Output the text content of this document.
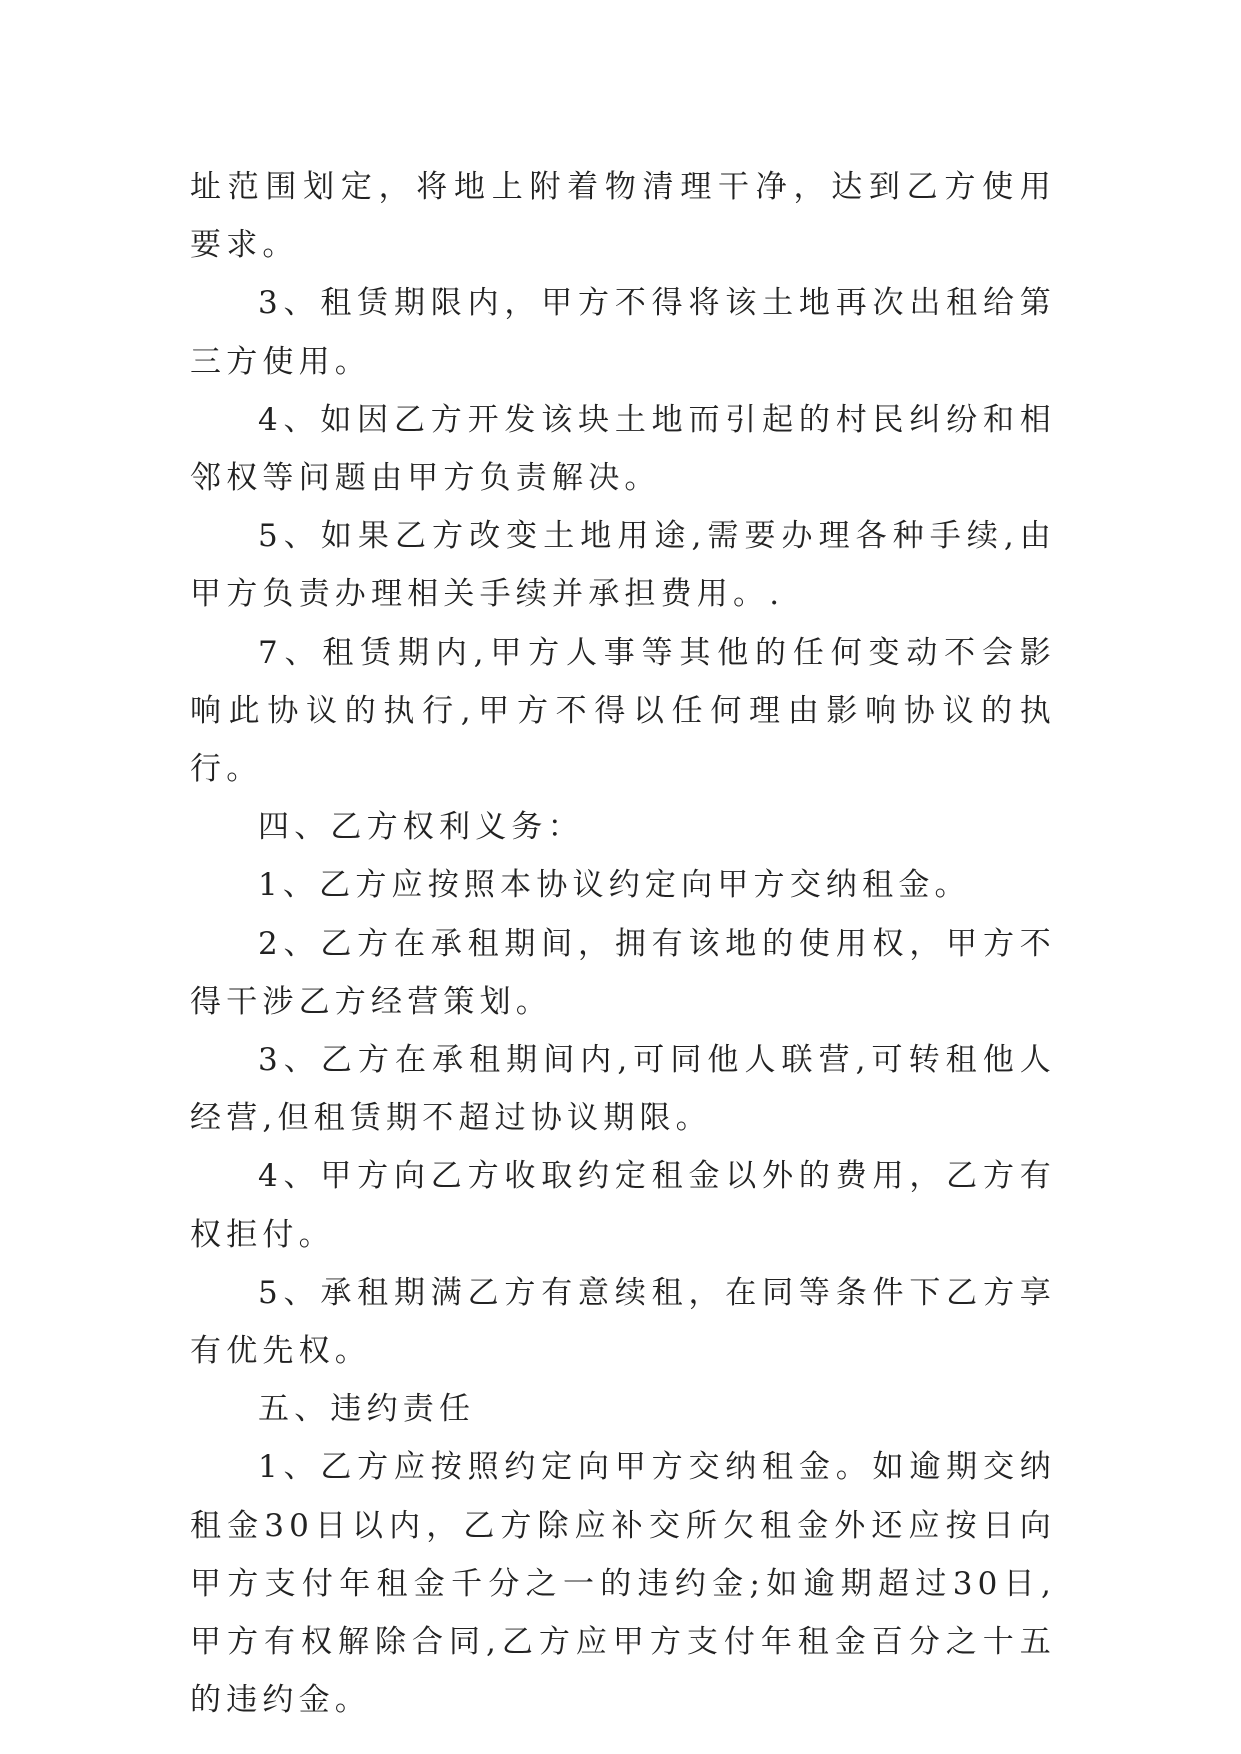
址范围划定，将地上附着物清理干净，达到乙方使用要求。

3、租赁期限内，甲方不得将该土地再次出租给第三方使用。

4、如因乙方开发该块土地而引起的村民纠纷和相邻权等问题由甲方负责解决。

5、如果乙方改变土地用途,需要办理各种手续,由甲方负责办理相关手续并承担费用。.

7、租赁期内,甲方人事等其他的任何变动不会影响此协议的执行,甲方不得以任何理由影响协议的执行。

四、乙方权利义务：

1、乙方应按照本协议约定向甲方交纳租金。

2、乙方在承租期间，拥有该地的使用权，甲方不得干涉乙方经营策划。

3、乙方在承租期间内,可同他人联营,可转租他人经营,但租赁期不超过协议期限。

4、甲方向乙方收取约定租金以外的费用，乙方有权拒付。

5、承租期满乙方有意续租，在同等条件下乙方享有优先权。

五、违约责任

1、乙方应按照约定向甲方交纳租金。如逾期交纳租金30日以内，乙方除应补交所欠租金外还应按日向甲方支付年租金千分之一的违约金;如逾期超过30日,甲方有权解除合同,乙方应甲方支付年租金百分之十五的违约金。
